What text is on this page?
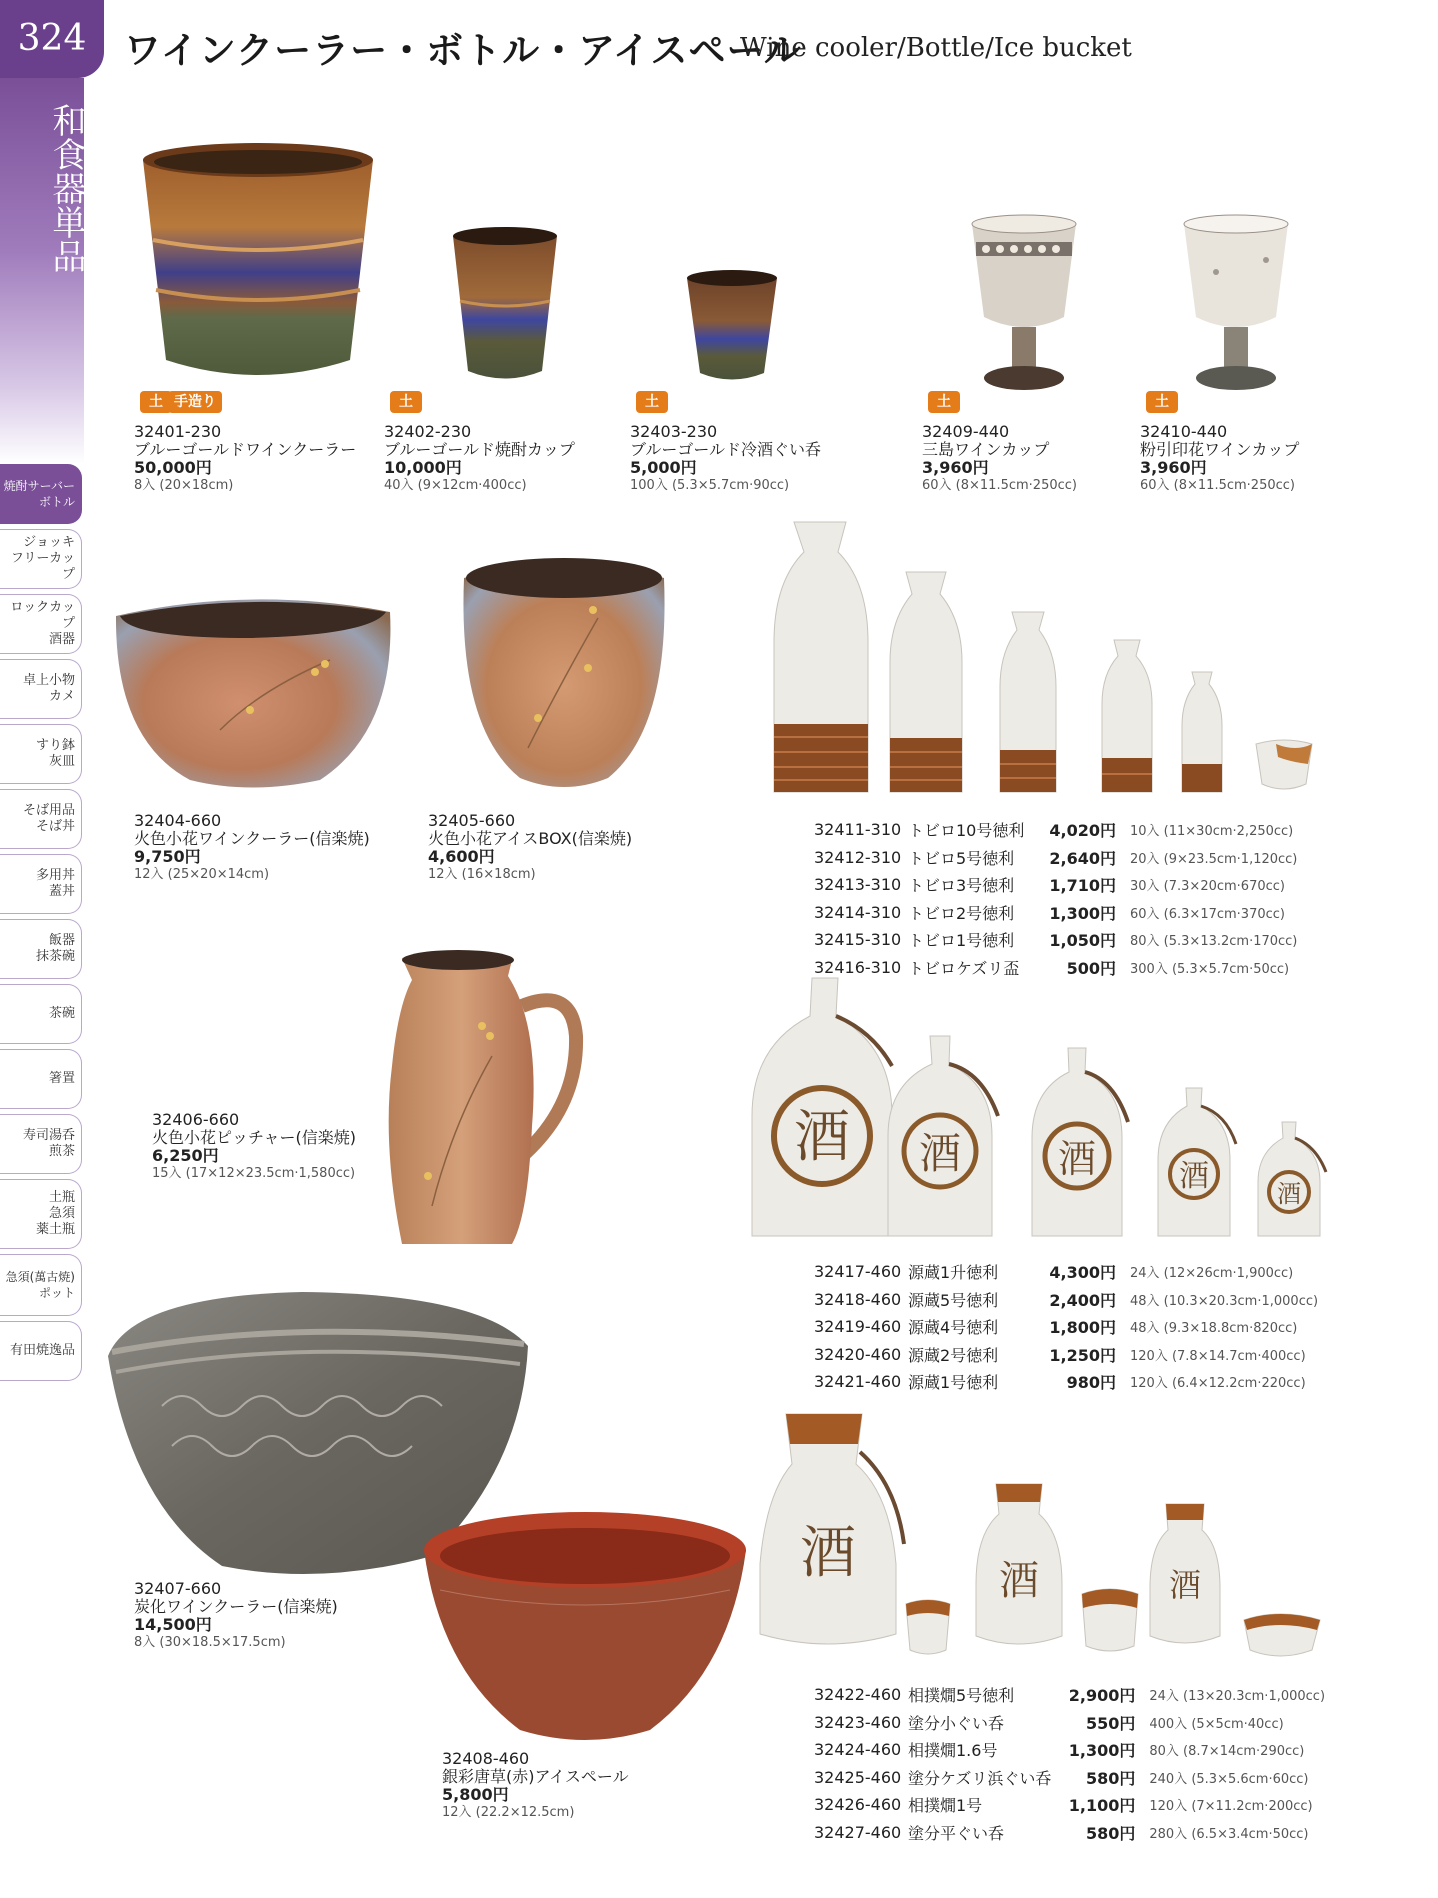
324	ワインクーラー・ボトル・アイスペール
Wine cooler/Bottle/Ice bucket
和食器単品
焼酎サーバー
ボトル
ジョッキ
フリーカップ
ロックカップ
酒器
卓上小物
カメ
すり鉢
灰皿
そば用品
そば丼
多用丼
蓋丼
飯器
抹茶碗
茶碗
箸置
寿司湯呑
煎茶
土瓶
急須
薬土瓶
急須(萬古焼)
ポット
有田焼逸品
土 手造り	土	土	土	土
32401-230
ブルーゴールドワインクーラー
50,000円
8入 (20×18cm)
32402-230
ブルーゴールド焼酎カップ
10,000円
40入 (9×12cm·400cc)
32403-230
ブルーゴールド冷酒ぐい呑
5,000円
100入 (5.3×5.7cm·90cc)
32409-440
三島ワインカップ
3,960円
60入 (8×11.5cm·250cc)
32410-440
粉引印花ワインカップ
3,960円
60入 (8×11.5cm·250cc)
32404-660
火色小花ワインクーラー(信楽焼)
9,750円
12入 (25×20×14cm)
32405-660
火色小花アイスBOX(信楽焼)
4,600円
12入 (16×18cm)
32411-310	トビロ10号徳利	4,020円	10入 (11×30cm·2,250cc)
32412-310	トビロ5号徳利	2,640円	20入 (9×23.5cm·1,120cc)
32413-310	トビロ3号徳利	1,710円	30入 (7.3×20cm·670cc)
32414-310	トビロ2号徳利	1,300円	60入 (6.3×17cm·370cc)
32415-310	トビロ1号徳利	1,050円	80入 (5.3×13.2cm·170cc)
32416-310	トビロケズリ盃	500円	300入 (5.3×5.7cm·50cc)
32406-660
火色小花ピッチャー(信楽焼)
6,250円
15入 (17×12×23.5cm·1,580cc)
酒 酒	酒	酒	酒
32417-460	源蔵1升徳利	4,300円	24入 (12×26cm·1,900cc)
32418-460	源蔵5号徳利	2,400円	48入 (10.3×20.3cm·1,000cc)
32419-460	源蔵4号徳利	1,800円	48入 (9.3×18.8cm·820cc)
32420-460	源蔵2号徳利	1,250円	120入 (7.8×14.7cm·400cc)
32421-460	源蔵1号徳利	980円	120入 (6.4×12.2cm·220cc)
32407-660
炭化ワインクーラー(信楽焼)
14,500円
8入 (30×18.5×17.5cm)
32408-460
銀彩唐草(赤)アイスペール
5,800円
12入 (22.2×12.5cm)
酒	酒	酒
32422-460	相撲燗5号徳利	2,900円	24入 (13×20.3cm·1,000cc)
32423-460	塗分小ぐい呑	550円	400入 (5×5cm·40cc)
32424-460	相撲燗1.6号	1,300円	80入 (8.7×14cm·290cc)
32425-460	塗分ケズリ浜ぐい呑	580円	240入 (5.3×5.6cm·60cc)
32426-460	相撲燗1号	1,100円	120入 (7×11.2cm·200cc)
32427-460	塗分平ぐい呑	580円	280入 (6.5×3.4cm·50cc)
